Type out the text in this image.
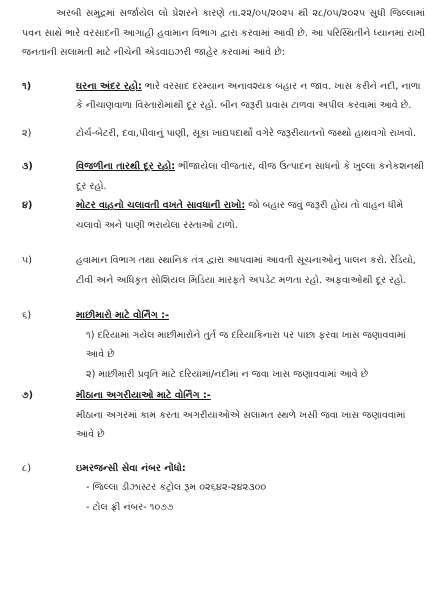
અરબી સમુદ્રમાં સર્જાયેલ લો પ્રેશરને કારણે તા.૨૨/૦૫/૨૦૨૫ થી ૨૮/૦૫/૨૦૨૫ સુધી જિલ્લામાં પવન સાથે ભારે વરસાદની આગાહી હવામાન વિભાગ દ્વારા કરવામાં આવી છે. આ પરિસ્થિતીને ધ્યાનમાં રાખી જનતાની સલામતી માટે નીચેની એડવાઇઝરી જાહેર કરવામાં આવે છે:

૧)	ઘરના અંદર રહો: ભારે વરસાદ દરમ્યાન અનાવશ્યક બહાર ન જાવ. ખાસ કરીને નદી, નાળા કે નીચાણવાળા વિસ્તારોમાંથી દૂર રહો. બીન જરૂરી પ્રવાસ ટાળવા અપીલ કરવામાં આવે છે.
૨)	ટોર્ચ-બેટરી, દવા,પીવાનું પાણી, સૂકા ખાદ્યપદાર્થો વગેરે જરૂરીયાતનો જથ્થો હાથવગો રાખવો.
૩)	વિજળીના તારથી દૂર રહો: ભીંજાયેલા વીજતાર, વીજ ઉત્પાદન સાધનો કે ખુલ્લા કનેકશનથી દૂર રહો.
૪)	મોટર વાહનો ચલાવતી વખતે સાવધાની રાખો: જો બહાર જવું જરૂરી હોય તો વાહન ધીમે ચલાવો અને પાણી ભરાયેલા રસ્તાઓ ટાળો.
૫)	હવામાન વિભાગ તથા સ્થાનિક તંત્ર દ્વારા આપવામાં આવતી સૂચનાઓનું પાલન કરો. રેડિયો, ટીવી અને અધિકૃત સોશિયલ મિડિયા મારફતે અપડેટ મળતા રહો. અફવાઓથી દૂર રહો.
૬)	માછીમારો માટે વોર્નિંગ :-
૧) દરિયામાં ગયેલ માછીમારોને તુર્ત જ દરિયાકિનારા પર પાછા ફરવા ખાસ જણાવવામાં આવે છે
૨) માછીમારી પ્રવૃતિ માટે દરિયામાં/નદીમાં ન જવા ખાસ જણાવવામાં આવે છે
૭)	મીઠાના અગરીયાઓ માટે વોર્નિંગ :-
મીઠાના અગરમાં કામ કરતા અગરીયાઓએ સલામત સ્થળે ખસી જવા ખાસ જણાવવામાં આવે છે
૮)	ઇમરજન્સી સેવા નંબર નોંધો:
- જિલ્લા ડીઝાસ્ટર કંટ્રોલ રૂમ ૦૨૬૪૨-૨૪૨૩૦૦
- ટોલ ફ્રી નંબર- ૧૦૭૭
